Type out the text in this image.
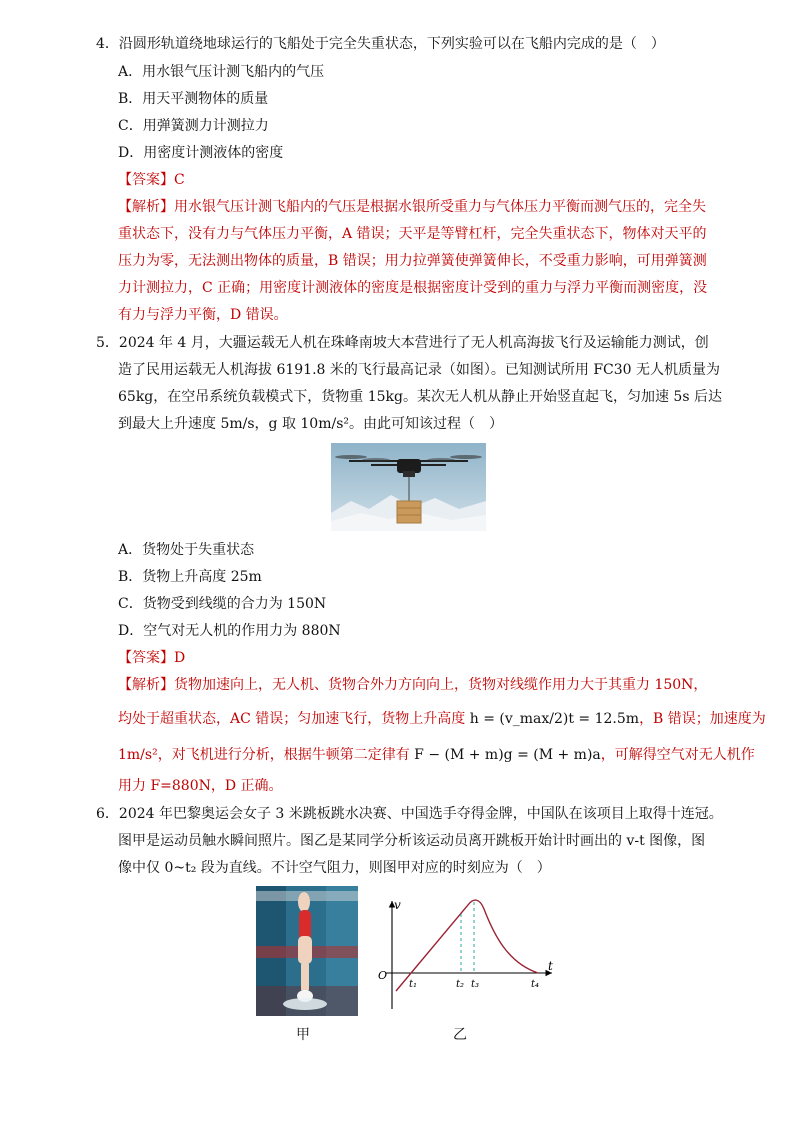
4．沿圆形轨道绕地球运行的飞船处于完全失重状态，下列实验可以在飞船内完成的是（　）
A．用水银气压计测飞船内的气压
B．用天平测物体的质量
C．用弹簧测力计测拉力
D．用密度计测液体的密度
【答案】C
【解析】用水银气压计测飞船内的气压是根据水银所受重力与气体压力平衡而测气压的，完全失
重状态下，没有力与气体压力平衡，A 错误；天平是等臂杠杆，完全失重状态下，物体对天平的
压力为零，无法测出物体的质量，B 错误；用力拉弹簧使弹簧伸长，不受重力影响，可用弹簧测
力计测拉力，C 正确；用密度计测液体的密度是根据密度计受到的重力与浮力平衡而测密度，没
有力与浮力平衡，D 错误。
5．2024 年 4 月，大疆运载无人机在珠峰南坡大本营进行了无人机高海拔飞行及运输能力测试，创
造了民用运载无人机海拔 6191.8 米的飞行最高记录（如图）。已知测试所用 FC30 无人机质量为
65kg，在空吊系统负载模式下，货物重 15kg。某次无人机从静止开始竖直起飞，匀加速 5s 后达
到最大上升速度 5m/s，g 取 10m/s²。由此可知该过程（　）
A．货物处于失重状态
B．货物上升高度 25m
C．货物受到线缆的合力为 150N
D．空气对无人机的作用力为 880N
【答案】D
【解析】货物加速向上，无人机、货物合外力方向向上，货物对线缆作用力大于其重力 150N，
均处于超重状态，AC 错误；匀加速飞行，货物上升高度 h = (v_max/2)t = 12.5m，B 错误；加速度为
1m/s²，对飞机进行分析，根据牛顿第二定律有 F − (M + m)g = (M + m)a，可解得空气对无人机作
用力 F=880N，D 正确。
6．2024 年巴黎奥运会女子 3 米跳板跳水决赛、中国选手夺得金牌，中国队在该项目上取得十连冠。
图甲是运动员触水瞬间照片。图乙是某同学分析该运动员离开跳板开始计时画出的 v-t 图像，图
像中仅 0~t₂ 段为直线。不计空气阻力，则图甲对应的时刻应为（　）
v
t
O
t₁	t₂ t₃	t₄
甲	乙
